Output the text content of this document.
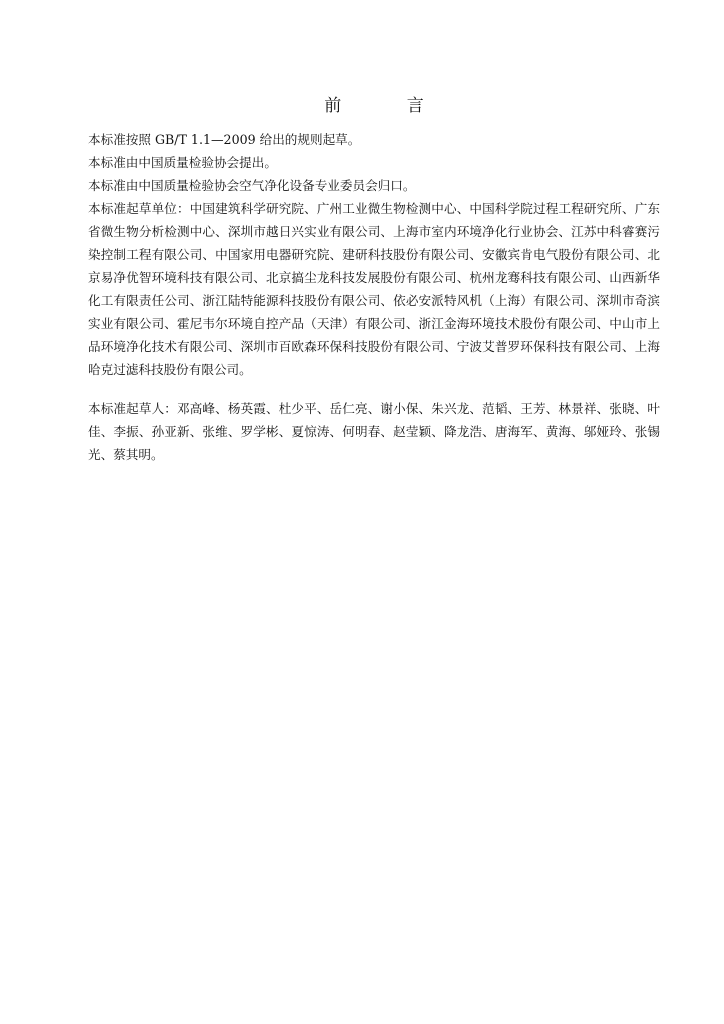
前 言

本标准按照 GB/T 1.1—2009 给出的规则起草。

本标准由中国质量检验协会提出。

本标准由中国质量检验协会空气净化设备专业委员会归口。

本标准起草单位：中国建筑科学研究院、广州工业微生物检测中心、中国科学院过程工程研究所、广东省微生物分析检测中心、深圳市越日兴实业有限公司、上海市室内环境净化行业协会、江苏中科睿赛污染控制工程有限公司、中国家用电器研究院、建研科技股份有限公司、安徽宾肯电气股份有限公司、北京易净优智环境科技有限公司、北京搞尘龙科技发展股份有限公司、杭州龙骞科技有限公司、山西新华化工有限责任公司、浙江陆特能源科技股份有限公司、依必安派特风机（上海）有限公司、深圳市奇滨实业有限公司、霍尼韦尔环境自控产品（天津）有限公司、浙江金海环境技术股份有限公司、中山市上品环境净化技术有限公司、深圳市百欧森环保科技股份有限公司、宁波艾普罗环保科技有限公司、上海哈克过滤科技股份有限公司。

本标准起草人：邓高峰、杨英霞、杜少平、岳仁亮、谢小保、朱兴龙、范韬、王芳、林景祥、张晓、叶佳、李振、孙亚新、张维、罗学彬、夏惊涛、何明春、赵莹颖、降龙浩、唐海军、黄海、邬娅玲、张锡光、蔡其明。
